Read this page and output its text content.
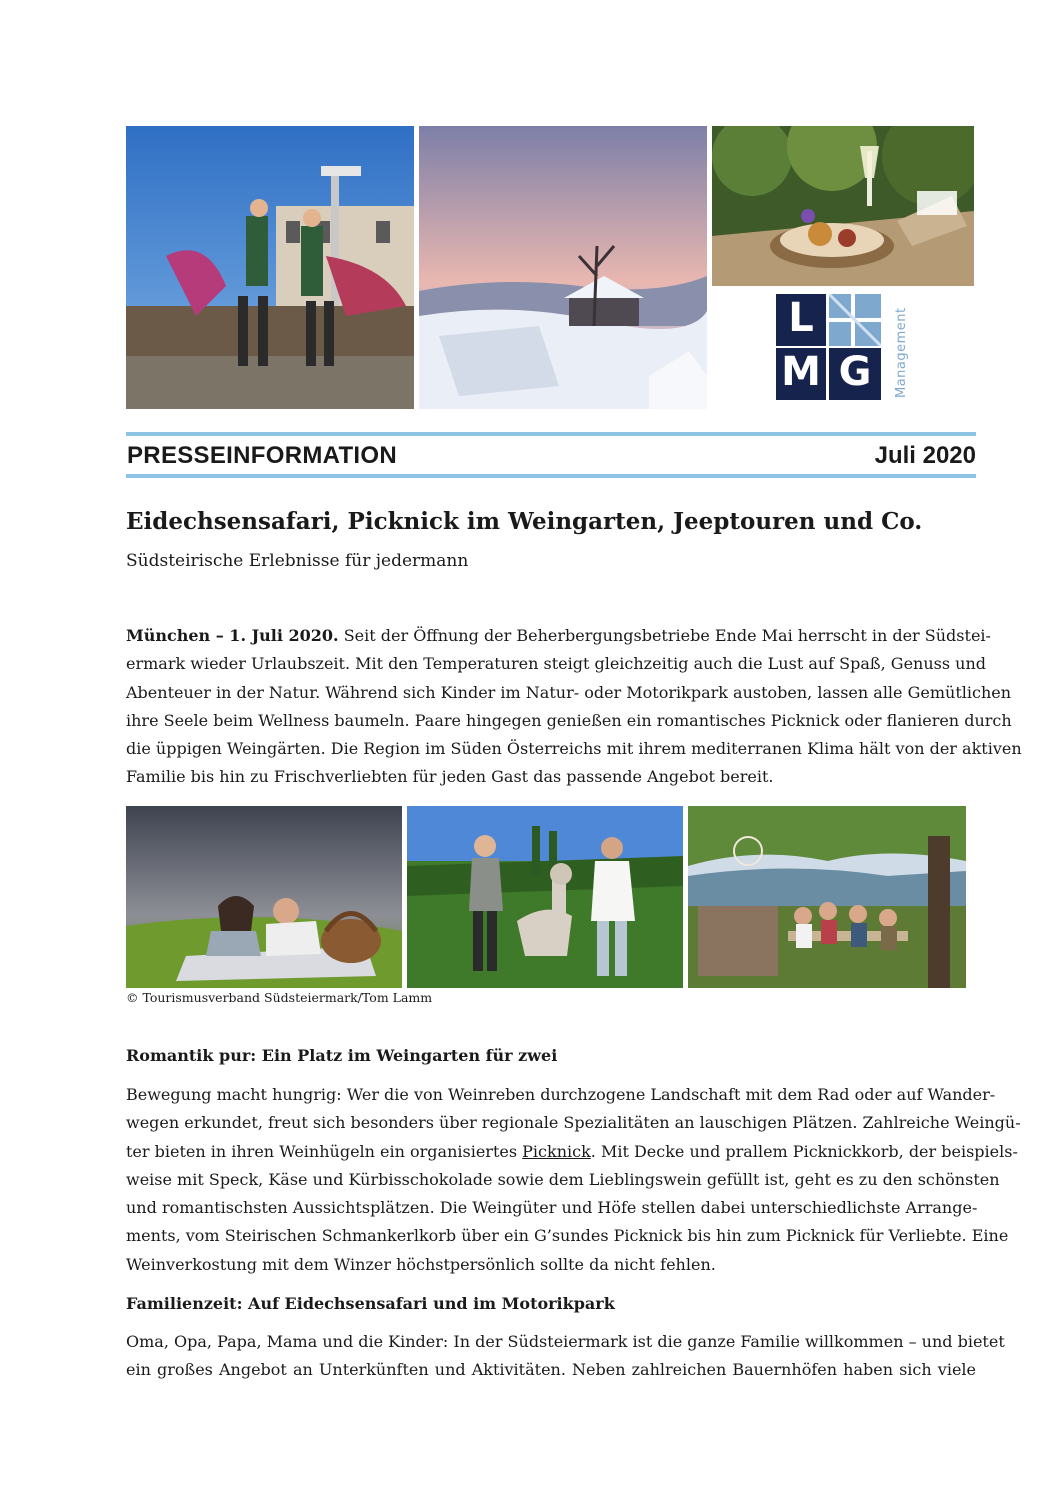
L
M G	Management
PRESSEINFORMATION	Juli 2020
Eidechsensafari, Picknick im Weingarten, Jeeptouren und Co.
Südsteirische Erlebnisse für jedermann
München – 1. Juli 2020. Seit der Öffnung der Beherbergungsbetriebe Ende Mai herrscht in der Südstei-
ermark wieder Urlaubszeit. Mit den Temperaturen steigt gleichzeitig auch die Lust auf Spaß, Genuss und
Abenteuer in der Natur. Während sich Kinder im Natur- oder Motorikpark austoben, lassen alle Gemütlichen
ihre Seele beim Wellness baumeln. Paare hingegen genießen ein romantisches Picknick oder flanieren durch
die üppigen Weingärten. Die Region im Süden Österreichs mit ihrem mediterranen Klima hält von der aktiven
Familie bis hin zu Frischverliebten für jeden Gast das passende Angebot bereit.
© Tourismusverband Südsteiermark/Tom Lamm
Romantik pur: Ein Platz im Weingarten für zwei
Bewegung macht hungrig: Wer die von Weinreben durchzogene Landschaft mit dem Rad oder auf Wander-
wegen erkundet, freut sich besonders über regionale Spezialitäten an lauschigen Plätzen. Zahlreiche Weingü-
ter bieten in ihren Weinhügeln ein organisiertes Picknick. Mit Decke und prallem Picknickkorb, der beispiels-
weise mit Speck, Käse und Kürbisschokolade sowie dem Lieblingswein gefüllt ist, geht es zu den schönsten
und romantischsten Aussichtsplätzen. Die Weingüter und Höfe stellen dabei unterschiedlichste Arrange-
ments, vom Steirischen Schmankerlkorb über ein G’sundes Picknick bis hin zum Picknick für Verliebte. Eine
Weinverkostung mit dem Winzer höchstpersönlich sollte da nicht fehlen.
Familienzeit: Auf Eidechsensafari und im Motorikpark
Oma, Opa, Papa, Mama und die Kinder: In der Südsteiermark ist die ganze Familie willkommen – und bietet
ein großes Angebot an Unterkünften und Aktivitäten. Neben zahlreichen Bauernhöfen haben sich viele
